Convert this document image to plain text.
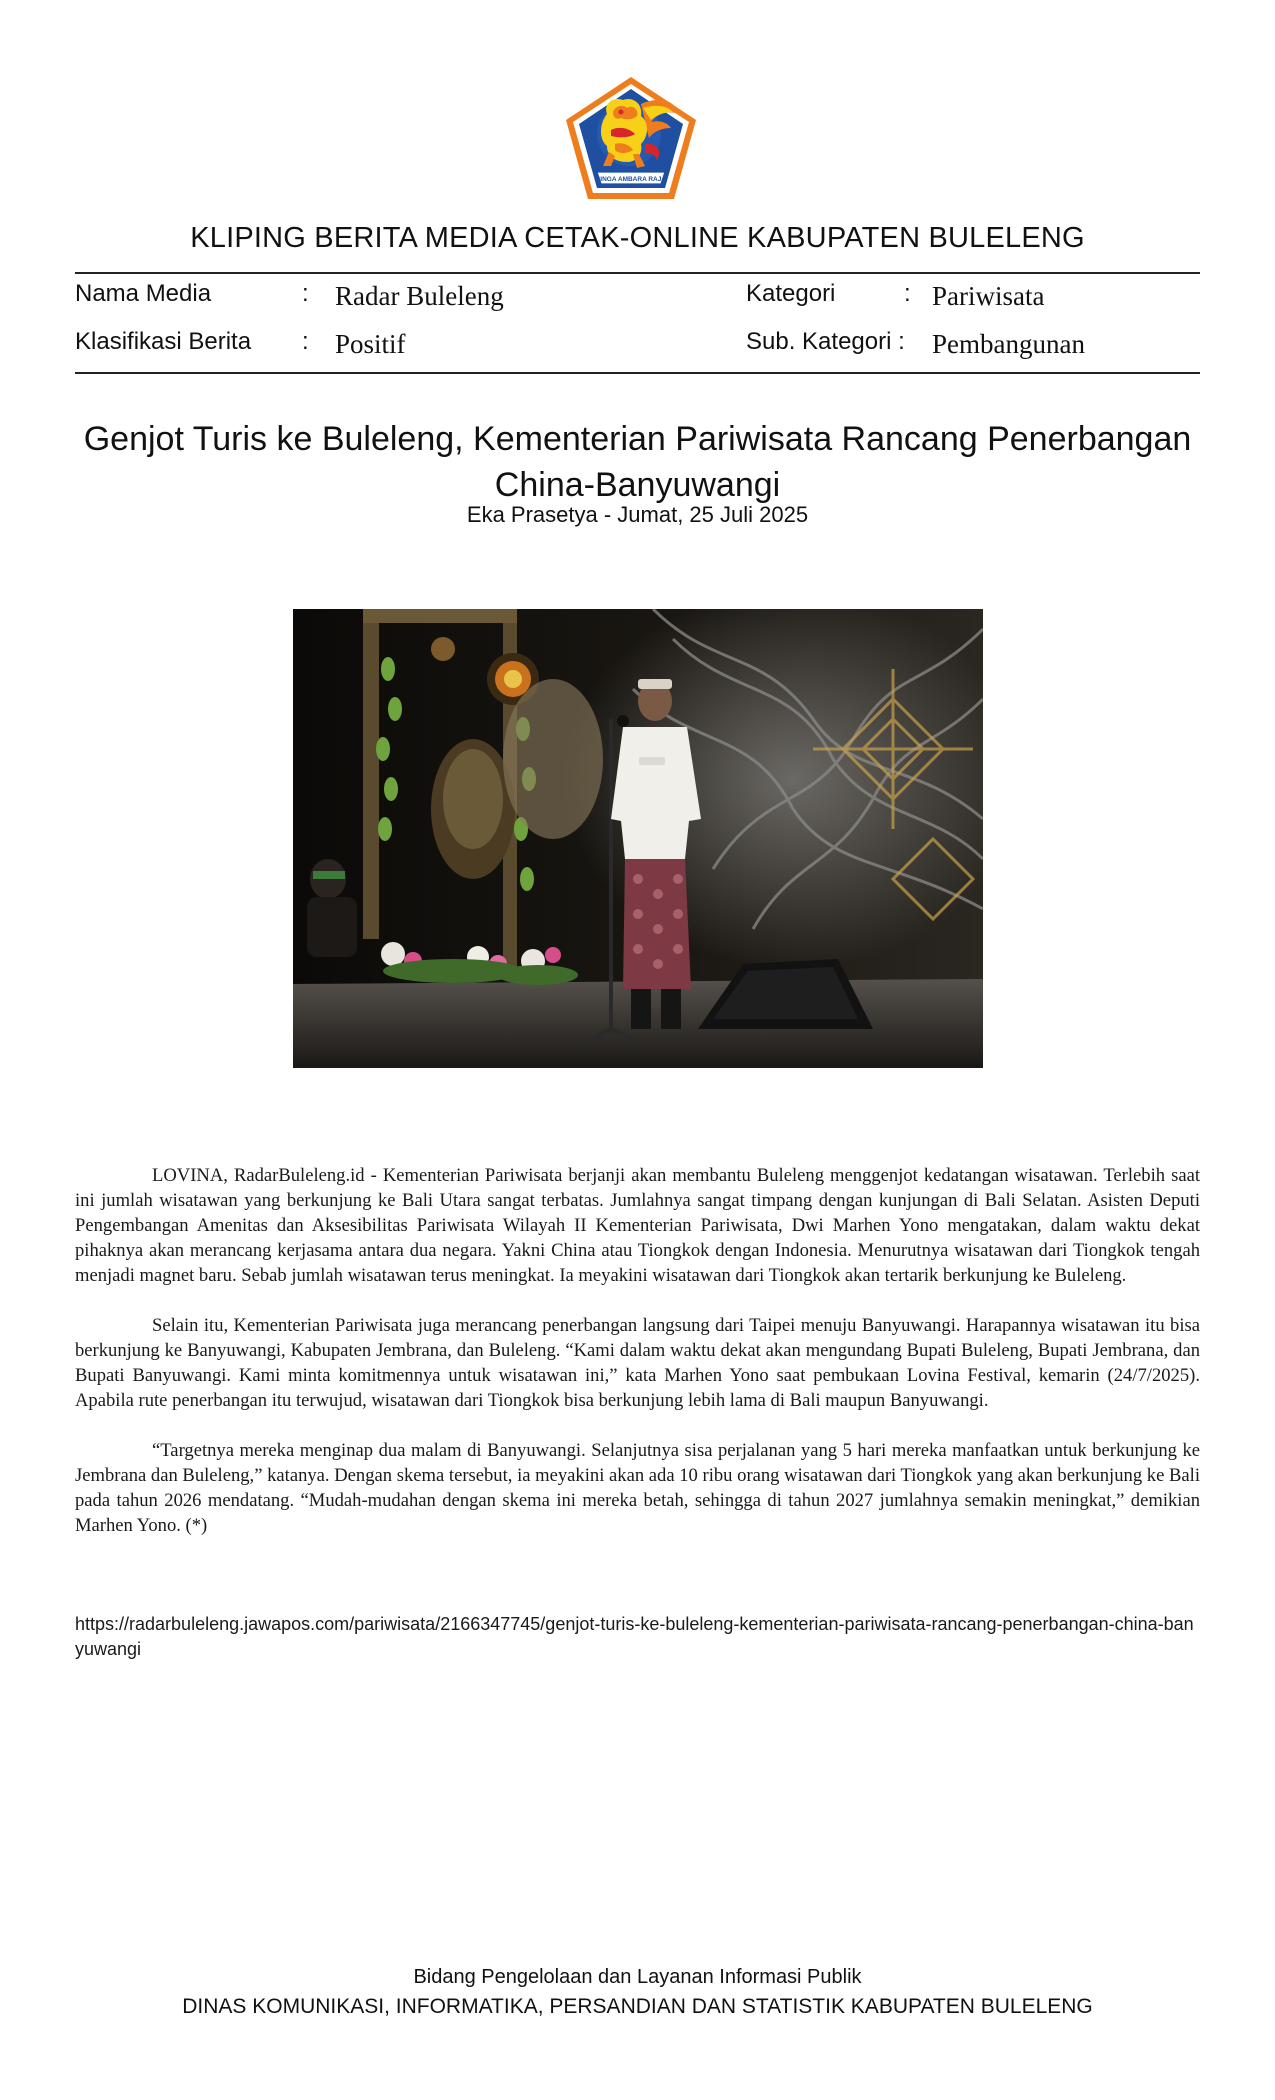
SINGA AMBARA RAJA
KLIPING BERITA MEDIA CETAK-ONLINE KABUPATEN BULELENG
Nama Media	: Radar Buleleng
Klasifikasi Berita : Positif
Kategori	: Pariwisata
Sub. Kategori : Pembangunan
Genjot Turis ke Buleleng, Kementerian Pariwisata Rancang Penerbangan China-Banyuwangi
Eka Prasetya - Jumat, 25 Juli 2025

LOVINA, RadarBuleleng.id - Kementerian Pariwisata berjanji akan membantu Buleleng menggenjot kedatangan wisatawan. Terlebih saat ini jumlah wisatawan yang berkunjung ke Bali Utara sangat terbatas. Jumlahnya sangat timpang dengan kunjungan di Bali Selatan. Asisten Deputi Pengembangan Amenitas dan Aksesibilitas Pariwisata Wilayah II Kementerian Pariwisata, Dwi Marhen Yono mengatakan, dalam waktu dekat pihaknya akan merancang kerjasama antara dua negara. Yakni China atau Tiongkok dengan Indonesia. Menurutnya wisatawan dari Tiongkok tengah menjadi magnet baru. Sebab jumlah wisatawan terus meningkat. Ia meyakini wisatawan dari Tiongkok akan tertarik berkunjung ke Buleleng.

Selain itu, Kementerian Pariwisata juga merancang penerbangan langsung dari Taipei menuju Banyuwangi. Harapannya wisatawan itu bisa berkunjung ke Banyuwangi, Kabupaten Jembrana, dan Buleleng. “Kami dalam waktu dekat akan mengundang Bupati Buleleng, Bupati Jembrana, dan Bupati Banyuwangi. Kami minta komitmennya untuk wisatawan ini,” kata Marhen Yono saat pembukaan Lovina Festival, kemarin (24/7/2025). Apabila rute penerbangan itu terwujud, wisatawan dari Tiongkok bisa berkunjung lebih lama di Bali maupun Banyuwangi.

“Targetnya mereka menginap dua malam di Banyuwangi. Selanjutnya sisa perjalanan yang 5 hari mereka manfaatkan untuk berkunjung ke Jembrana dan Buleleng,” katanya. Dengan skema tersebut, ia meyakini akan ada 10 ribu orang wisatawan dari Tiongkok yang akan berkunjung ke Bali pada tahun 2026 mendatang. “Mudah-mudahan dengan skema ini mereka betah, sehingga di tahun 2027 jumlahnya semakin meningkat,” demikian Marhen Yono. (*)

https://radarbuleleng.jawapos.com/pariwisata/2166347745/genjot-turis-ke-buleleng-kementerian-pariwisata-rancang-penerbangan-china-banyuwangi
Bidang Pengelolaan dan Layanan Informasi Publik
DINAS KOMUNIKASI, INFORMATIKA, PERSANDIAN DAN STATISTIK KABUPATEN BULELENG
